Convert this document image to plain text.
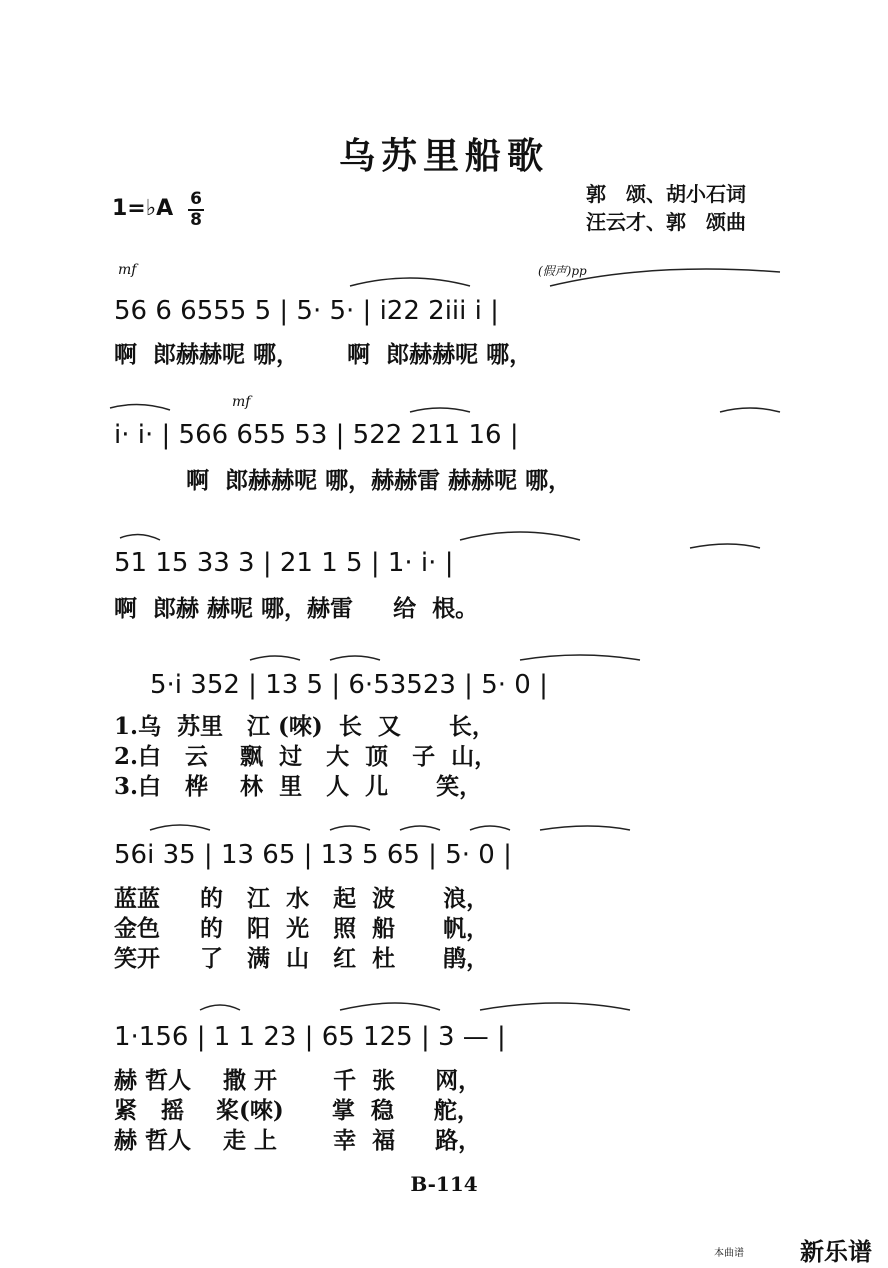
乌苏里船歌
1=♭A 6
8
郭　颂、胡小石词
汪云才、郭　颂曲
mf	(假声)pp
56 6 6555 5 | 5· 5· | i22 2iii i |
啊  郎赫赫呢 哪，      啊  郎赫赫呢 哪，
mf
i· i· | 566 655 53 | 522 211 16 |
啊  郎赫赫呢 哪，赫赫雷 赫赫呢 哪，
51 15 33 3 | 21 1 5 | 1· i· |
啊  郎赫 赫呢 哪，赫雷     给  根。
5·i 352 | 13 5 | 6·53523 | 5· 0 |
1.乌  苏里   江 (唻)  长  又      长，
2.白   云    飘  过   大  顶   子  山，
3.白   桦    林  里   人  儿      笑，
56i 35 | 13 65 | 13 5 65 | 5· 0 |
蓝蓝     的   江  水   起  波      浪，
金色     的   阳  光   照  船      帆，
笑开     了   满  山   红  杜      鹃，
1·156 | 1 1 23 | 65 125 | 3 — |
赫 哲人    撒 开       千  张     网，
紧   摇    桨(唻)      掌  稳     舵，
赫 哲人    走 上       幸  福     路，
B-114
本曲谱 新乐谱
